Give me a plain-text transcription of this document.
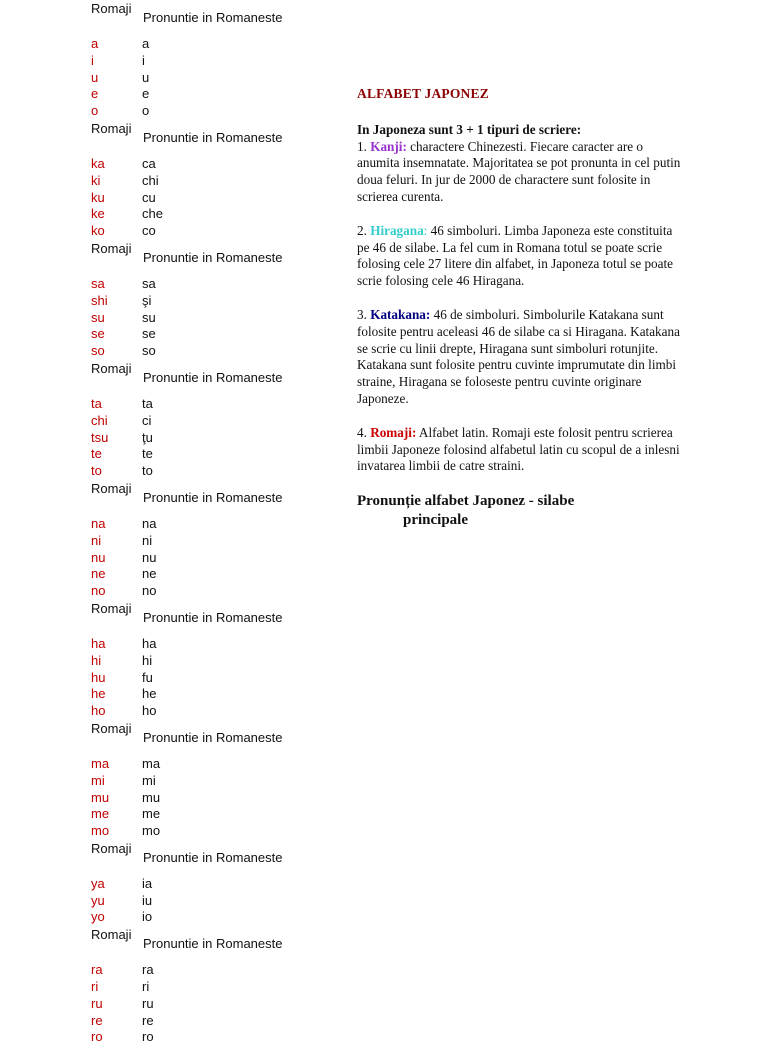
Romaji
Pronuntie in Romaneste
a	a
i	i
u	u
e	e
o	o
Romaji
Pronuntie in Romaneste
ka	ca
ki	chi
ku	cu
ke	che
ko	co
Romaji
Pronuntie in Romaneste
sa	sa
shi	şi
su	su
se	se
so	so
Romaji
Pronuntie in Romaneste
ta	ta
chi	ci
tsu	ţu
te	te
to	to
Romaji
Pronuntie in Romaneste
na	na
ni	ni
nu	nu
ne	ne
no	no
Romaji
Pronuntie in Romaneste
ha	ha
hi	hi
hu	fu
he	he
ho	ho
Romaji
Pronuntie in Romaneste
ma	ma
mi	mi
mu	mu
me	me
mo	mo
Romaji
Pronuntie in Romaneste
ya	ia
yu	iu
yo	io
Romaji
Pronuntie in Romaneste
ra	ra
ri	ri
ru	ru
re	re
ro	ro
ALFABET JAPONEZ
In Japoneza sunt 3 + 1 tipuri de scriere:
1. Kanji: charactere Chinezesti. Fiecare caracter are o anumita insemnatate. Majoritatea se pot pronunta in cel putin doua feluri. In jur de 2000 de charactere sunt folosite in scrierea curenta.
2. Hiragana: 46 simboluri. Limba Japoneza este constituita pe 46 de silabe. La fel cum in Romana totul se poate scrie folosing cele 27 litere din alfabet, in Japoneza totul se poate scrie folosing cele 46 Hiragana.
3. Katakana: 46 de simboluri. Simbolurile Katakana sunt folosite pentru aceleasi 46 de silabe ca si Hiragana. Katakana se scrie cu linii drepte, Hiragana sunt simboluri rotunjite. Katakana sunt folosite pentru cuvinte imprumutate din limbi straine, Hiragana se foloseste pentru cuvinte originare Japoneze.
4. Romaji: Alfabet latin. Romaji este folosit pentru scrierea limbii Japoneze folosind alfabetul latin cu scopul de a inlesni invatarea limbii de catre straini.
Pronunție alfabet Japonez - silabe
principale
